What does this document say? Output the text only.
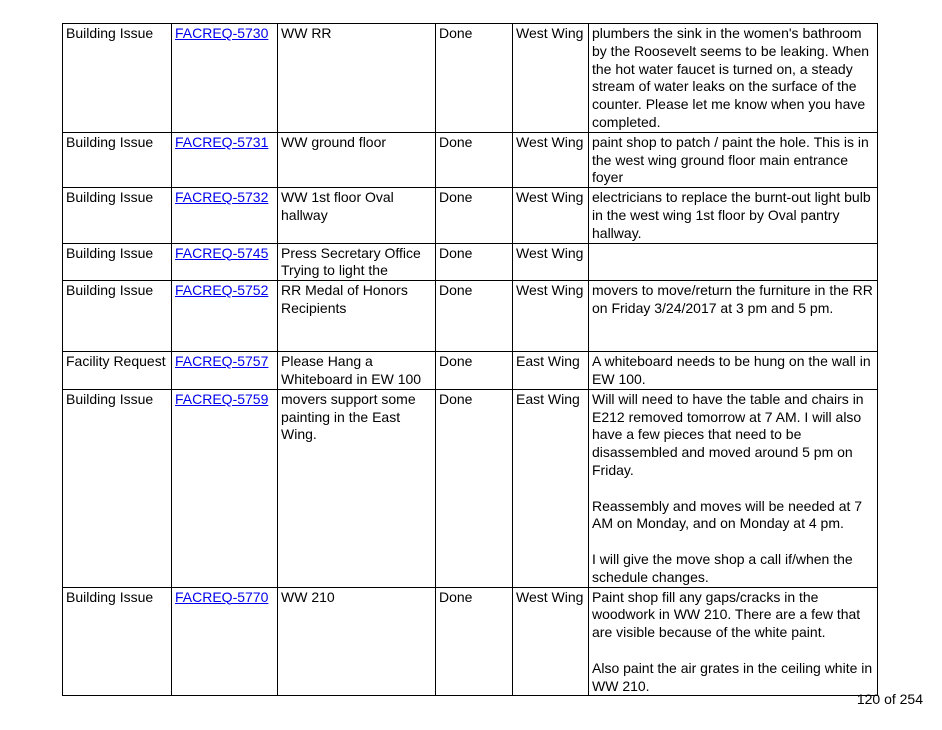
Building Issue	FACREQ-5730	WW RR	Done	West Wing	plumbers the sink in the women's bathroom by the Roosevelt seems to be leaking. When the hot water faucet is turned on, a steady stream of water leaks on the surface of the counter. Please let me know when you have completed.

Building Issue	FACREQ-5731	WW ground floor	Done	West Wing	paint shop to patch / paint the hole. This is in the west wing ground floor main entrance foyer

Building Issue	FACREQ-5732	WW 1st floor Oval hallway	Done	West Wing	electricians to replace the burnt-out light bulb in the west wing 1st floor by Oval pantry hallway.

Building Issue	FACREQ-5745	Press Secretary Office Trying to light the	Done	West Wing	
Building Issue	FACREQ-5752	RR Medal of Honors Recipients	Done	West Wing	movers to move/return the furniture in the RR on Friday 3/24/2017 at 3 pm and 5 pm.

Facility Request	FACREQ-5757	Please Hang a Whiteboard in EW 100	Done	East Wing	A whiteboard needs to be hung on the wall in EW 100.

Building Issue	FACREQ-5759	movers support some painting in the East Wing.	Done	East Wing	Will will need to have the table and chairs in E212 removed tomorrow at 7 AM. I will also have a few pieces that need to be disassembled and moved around 5 pm on Friday.
Reassembly and moves will be needed at 7 AM on Monday, and on Monday at 4 pm.
I will give the move shop a call if/when the schedule changes.

Building Issue	FACREQ-5770	WW 210	Done	West Wing	Paint shop fill any gaps/cracks in the woodwork in WW 210. There are a few that are visible because of the white paint.
Also paint the air grates in the ceiling white in WW 210.
120 of 254
